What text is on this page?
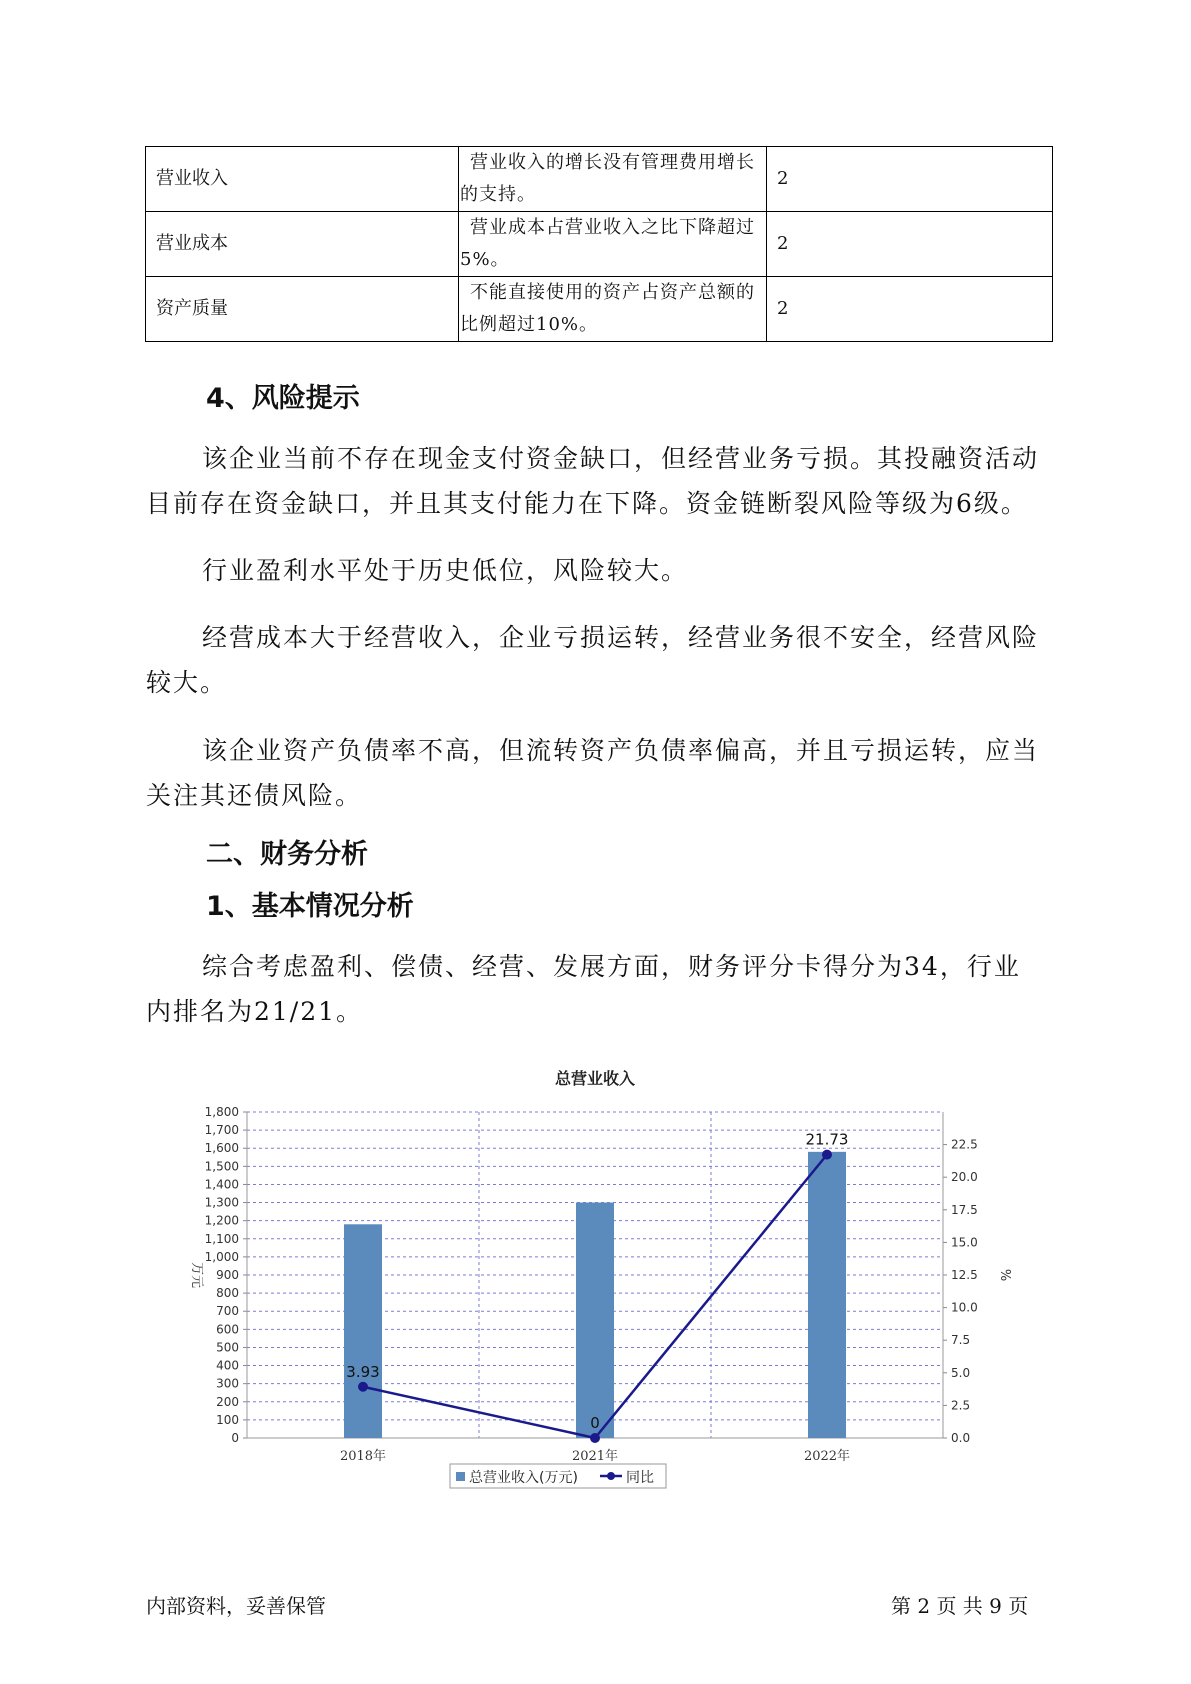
营业收入	营业收入的增长没有管理费用增长的支持。	2
营业成本	营业成本占营业收入之比下降超过5%。	2
资产质量	不能直接使用的资产占资产总额的比例超过10%。	2
4、风险提示

该企业当前不存在现金支付资金缺口，但经营业务亏损。其投融资活动目前存在资金缺口，并且其支付能力在下降。资金链断裂风险等级为6级。

行业盈利水平处于历史低位，风险较大。

经营成本大于经营收入，企业亏损运转，经营业务很不安全，经营风险较大。

该企业资产负债率不高，但流转资产负债率偏高，并且亏损运转，应当关注其还债风险。

二、财务分析
1、基本情况分析

综合考虑盈利、偿债、经营、发展方面，财务评分卡得分为34，行业内排名为21/21。

总营业收入
0
100
200
300
400
500
600
700
800
900
1,000
1,100
1,200
1,300
1,400
1,500
1,600
1,700
1,800
0.0
2.5
5.0
7.5
10.0
12.5
15.0
17.5
20.0
22.5
万元	%
2018年	2021年	2022年
3.93
0
21.73
总营业收入(万元)	同比
内部资料，妥善保管	第 2 页 共 9 页
